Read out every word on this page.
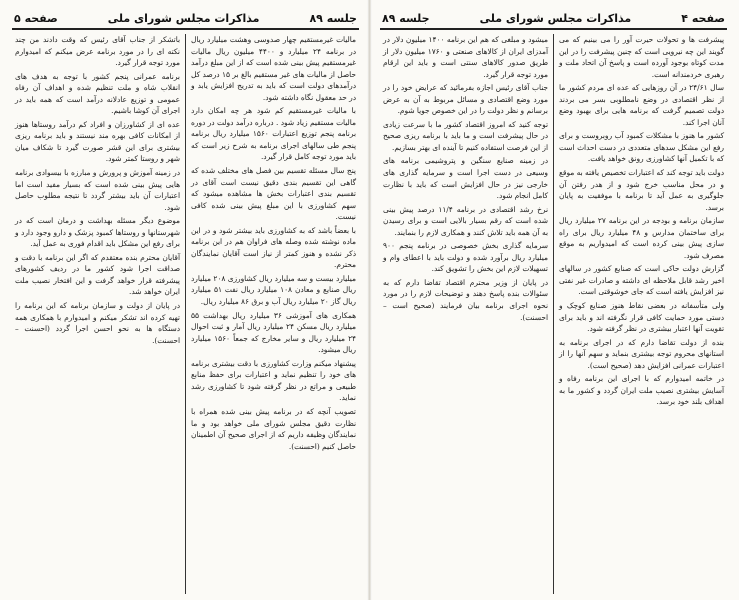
جلسه ۸۹
مذاکرات مجلس شورای ملی
صفحه ۵

مالیات غیرمستقیم چهار صدوسی وهشت میلیارد ریال در برنامه ۲۴ میلیارد و ۴۴۰۰ میلیون ریال مالیات غیرمستقیم پیش بینی شده است که از این مبلغ درآمد حاصل از مالیات های غیر مستقیم بالغ بر ۱۵ درصد کل درآمدهای دولت است که باید به تدریج افزایش یابد و در حد معقول نگاه داشته شود.

با مالیات غیرمستقیم کم شود هر چه امکان دارد مالیات مستقیم زیاد شود . درباره درآمد دولت در دوره برنامه پنجم توزیع اعتبارات ۱۵۶۰ میلیارد ریال برنامه پنجم طی سالهای اجرای برنامه به شرح زیر است که باید مورد توجه کامل قرار گیرد.

پنج سال مسئله تقسیم بین فصل های مختلف شده که گاهی این تقسیم بندی دقیق نیست است آقای در تقسیم بندی اعتبارات بخش ها مشاهده میشود که سهم کشاورزی با این مبلغ پیش بینی شده کافی نیست.

با بعضاً باشد که به کشاورزی باید بیشتر شود و در این ماده نوشته شده وصله های فراوان هم در این برنامه ذکر نشده و هنوز کمتر از نیاز است آقایان نمایندگان محترم.

میلیارد بیست و سه میلیارد ریال کشاورزی ۲۰۸ میلیارد ریال صنایع و معادن ۱۰۸ میلیارد ریال نفت ۵۱ میلیارد ریال گاز ۲۰ میلیارد ریال آب و برق ۸۶ میلیارد ریال.

همکاری های آموزشی ۳۶ میلیارد ریال بهداشت ۵۵ میلیارد ریال مسکن ۲۴ میلیارد ریال آمار و ثبت احوال ۲۴ میلیارد ریال و سایر مخارج که جمعاً ۱۵۶۰ میلیارد ریال میشود.

پیشنهاد میکنم وزارت کشاورزی با دقت بیشتری برنامه های خود را تنظیم نماید و اعتبارات برای حفظ منابع طبیعی و مراتع در نظر گرفته شود تا کشاورزی رشد نماید.

تصویب آنچه که در برنامه پیش بینی شده همراه با نظارت دقیق مجلس شورای ملی خواهد بود و ما نمایندگان وظیفه داریم که از اجرای صحیح آن اطمینان حاصل کنیم (احسنت).

باتشکر از جناب آقای رئیس که وقت دادند من چند نکته ای را در مورد برنامه عرض میکنم که امیدوارم مورد توجه قرار گیرد.

برنامه عمرانی پنجم کشور با توجه به هدف های انقلاب شاه و ملت تنظیم شده و اهداف آن رفاه عمومی و توزیع عادلانه درآمد است که همه باید در اجرای آن کوشا باشیم.

عده ای از کشاورزان و افراد کم درآمد روستاها هنوز از امکانات کافی بهره مند نیستند و باید برنامه ریزی بیشتری برای این قشر صورت گیرد تا شکاف میان شهر و روستا کمتر شود.

در زمینه آموزش و پرورش و مبارزه با بیسوادی برنامه هایی پیش بینی شده است که بسیار مفید است اما اعتبارات آن باید بیشتر گردد تا نتیجه مطلوب حاصل شود.

موضوع دیگر مسئله بهداشت و درمان است که در شهرستانها و روستاها کمبود پزشک و دارو وجود دارد و برای رفع این مشکل باید اقدام فوری به عمل آید.

آقایان محترم بنده معتقدم که اگر این برنامه با دقت و صداقت اجرا شود کشور ما در ردیف کشورهای پیشرفته قرار خواهد گرفت و این افتخار نصیب ملت ایران خواهد شد.

در پایان از دولت و سازمان برنامه که این برنامه را تهیه کرده اند تشکر میکنم و امیدوارم با همکاری همه دستگاه ها به نحو احسن اجرا گردد (احسنت – احسنت).

صفحه ۴
مذاکرات مجلس شورای ملی
جلسه ۸۹

پیشرفت ها و تحولات حیرت آور را می بینیم که می گویند این چه نیرویی است که چنین پیشرفت را در این مدت کوتاه بوجود آورده است و پاسخ آن اتحاد ملت و رهبری خردمندانه است.

سال ۲۴/۶۱ در آن روزهایی که عده ای مردم کشور ما از نظر اقتصادی در وضع نامطلوبی بسر می بردند دولت تصمیم گرفت که برنامه هایی برای بهبود وضع آنان اجرا کند.

کشور ما هنوز با مشکلات کمبود آب روبروست و برای رفع این مشکل سدهای متعددی در دست احداث است که با تکمیل آنها کشاورزی رونق خواهد یافت.

دولت باید توجه کند که اعتبارات تخصیص یافته به موقع و در محل مناسب خرج شود و از هدر رفتن آن جلوگیری به عمل آید تا برنامه با موفقیت به پایان برسد.

سازمان برنامه و بودجه در این برنامه ۲۷ میلیارد ریال برای ساختمان مدارس و ۴۸ میلیارد ریال برای راه سازی پیش بینی کرده است که امیدواریم به موقع مصرف شود.

گزارش دولت حاکی است که صنایع کشور در سالهای اخیر رشد قابل ملاحظه ای داشته و صادرات غیر نفتی نیز افزایش یافته است که جای خوشوقتی است.

ولی متأسفانه در بعضی نقاط هنوز صنایع کوچک و دستی مورد حمایت کافی قرار نگرفته اند و باید برای تقویت آنها اعتبار بیشتری در نظر گرفته شود.

بنده از دولت تقاضا دارم که در اجرای برنامه به استانهای محروم توجه بیشتری بنماید و سهم آنها را از اعتبارات عمرانی افزایش دهد (صحیح است).

در خاتمه امیدوارم که با اجرای این برنامه رفاه و آسایش بیشتری نصیب ملت ایران گردد و کشور ما به اهداف بلند خود برسد.

میشود و مبلغی که هم این برنامه ۱۴۰۰ میلیون دلار در آمدزای ایران از کالاهای صنعتی و ۱۷۶۰ میلیون دلار از طریق صدور کالاهای سنتی است و باید این ارقام مورد توجه قرار گیرد.

جناب آقای رئیس اجازه بفرمائید که عرایض خود را در مورد وضع اقتصادی و مسائل مربوط به آن به عرض برسانم و نظر دولت را در این خصوص جویا شوم.

توجه کنید که امروز اقتصاد کشور ما با سرعت زیادی در حال پیشرفت است و ما باید با برنامه ریزی صحیح از این فرصت استفاده کنیم تا آینده ای بهتر بسازیم.

در زمینه صنایع سنگین و پتروشیمی برنامه های وسیعی در دست اجرا است و سرمایه گذاری های خارجی نیز در حال افزایش است که باید با نظارت کامل انجام شود.

نرخ رشد اقتصادی در برنامه ۱۱/۴ درصد پیش بینی شده است که رقم بسیار بالایی است و برای رسیدن به آن همه باید تلاش کنند و همکاری لازم را بنمایند.

سرمایه گذاری بخش خصوصی در برنامه پنجم ۹۰۰ میلیارد ریال برآورد شده و دولت باید با اعطای وام و تسهیلات لازم این بخش را تشویق کند.

در پایان از وزیر محترم اقتصاد تقاضا دارم که به سئوالات بنده پاسخ دهند و توضیحات لازم را در مورد نحوه اجرای برنامه بیان فرمایند (صحیح است – احسنت).
